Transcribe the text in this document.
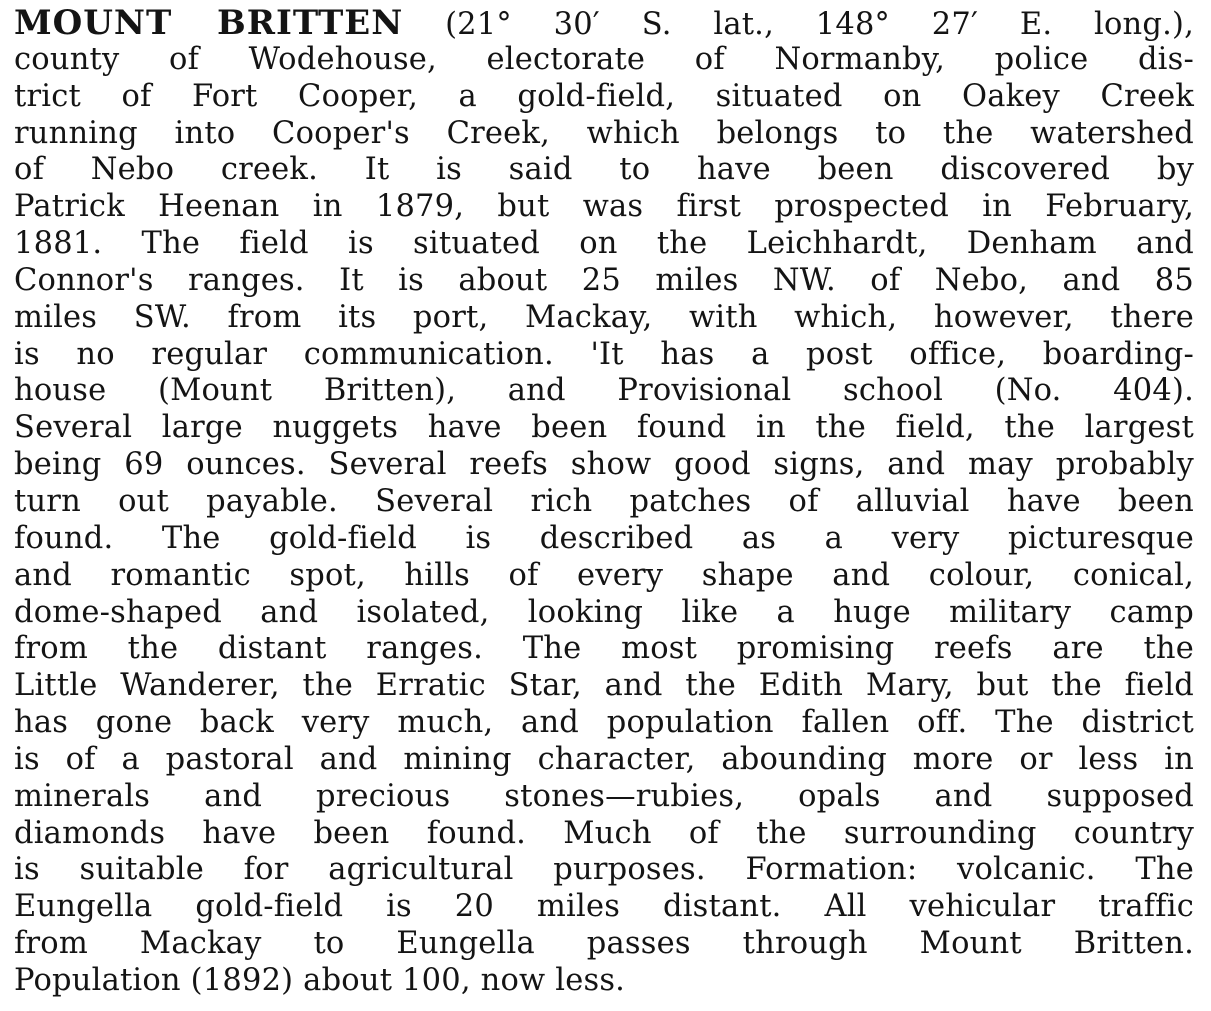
MOUNT BRITTEN (21° 30′ S. lat., 148° 27′ E. long.),
county of Wodehouse, electorate of Normanby, police dis-
trict of Fort Cooper, a gold-field, situated on Oakey Creek
running into Cooper's Creek, which belongs to the watershed
of Nebo creek. It is said to have been discovered by
Patrick Heenan in 1879, but was first prospected in February,
1881. The field is situated on the Leichhardt, Denham and
Connor's ranges. It is about 25 miles NW. of Nebo, and 85
miles SW. from its port, Mackay, with which, however, there
is no regular communication. 'It has a post office, boarding-
house (Mount Britten), and Provisional school (No. 404).
Several large nuggets have been found in the field, the largest
being 69 ounces. Several reefs show good signs, and may probably
turn out payable. Several rich patches of alluvial have been
found. The gold-field is described as a very picturesque
and romantic spot, hills of every shape and colour, conical,
dome-shaped and isolated, looking like a huge military camp
from the distant ranges. The most promising reefs are the
Little Wanderer, the Erratic Star, and the Edith Mary, but the field
has gone back very much, and population fallen off. The district
is of a pastoral and mining character, abounding more or less in
minerals and precious stones—rubies, opals and supposed
diamonds have been found. Much of the surrounding country
is suitable for agricultural purposes. Formation: volcanic. The
Eungella gold-field is 20 miles distant. All vehicular traffic
from Mackay to Eungella passes through Mount Britten.
Population (1892) about 100, now less.
